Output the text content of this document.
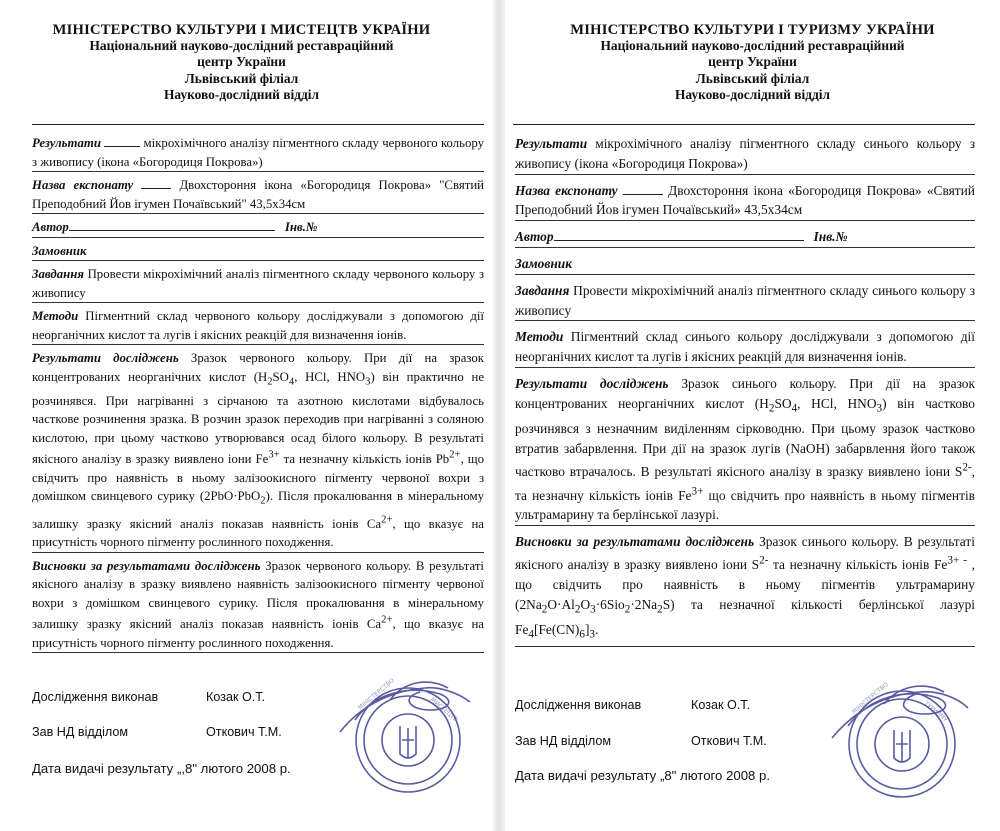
МІНІСТЕРСТВО КУЛЬТУРИ І МИСТЕЦТВ УКРАЇНИ
Національний науково-дослідний реставраційний
центр України
Львівський філіал
Науково-дослідний відділ
Результати	мікрохімічного аналізу пігментного складу червоного кольору з живопису (ікона «Богородиця Покрова»)
Назва експонату	Двохстороння ікона «Богородиця Покрова» "Святий Преподобний Йов ігумен Почаївський" 43,5х34см
Автор	Інв.№
Замовник
Завдання Провести мікрохімічний аналіз пігментного складу червоного кольору з живопису
Методи Пігментний склад червоного кольору досліджували з допомогою дії неорганічних кислот та лугів і якісних реакцій для визначення іонів.
Результати досліджень Зразок червоного кольору. При дії на зразок концентрованих неорганічних кислот ($H_2SO_4$, HCl, $HNO_3$) він практично не розчинявся. При нагріванні з сірчаною та азотною кислотами відбувалось часткове розчинення зразка. В розчин зразок переходив при нагріванні з соляною кислотою, при цьому частково утворювався осад білого кольору. В результаті якісного аналізу в зразку виявлено іони $Fe^{3+}$ та незначну кількість іонів $Pb^{2+}$, що свідчить про наявність в ньому залізоокисного пігменту червоної вохри з домішком свинцевого сурику (2PbO·PbO$_2$). Після прокалювання в мінеральному залишку зразку якісний аналіз показав наявність іонів $Ca^{2+}$, що вказує на присутність чорного пігменту рослинного походження.
Висновки за результатами досліджень Зразок червоного кольору. В результаті якісного аналізу в зразку виявлено наявність залізоокисного пігменту червоної вохри з домішком свинцевого сурику. Після прокалювання в мінеральному залишку зразку якісний аналіз показав наявність іонів $Ca^{2+}$, що вказує на присутність чорного пігменту рослинного походження.
Дослідження виконав	Козак О.Т.
Зав НД відділом	Откович Т.М.
Дата видачі результату „,8" лютого 2008 р.
МІНІСТЕРСТВО	МИСТЕЦТВ
МІНІСТЕРСТВО КУЛЬТУРИ І ТУРИЗМУ УКРАЇНИ
Національний науково-дослідний реставраційний
центр України
Львівський філіал
Науково-дослідний відділ
Результати мікрохімічного аналізу пігментного складу синього кольору з живопису (ікона «Богородиця Покрова»)
Назва експонату	Двохстороння ікона «Богородиця Покрова» «Святий Преподобний Йов ігумен Почаївський» 43,5х34см
Автор	Інв.№
Замовник
Завдання Провести мікрохімічний аналіз пігментного складу синього кольору з живопису
Методи Пігментний склад синього кольору досліджували з допомогою дії неорганічних кислот та лугів і якісних реакцій для визначення іонів.
Результати досліджень Зразок синього кольору. При дії на зразок концентрованих неорганічних кислот ($H_2SO_4$, HCl, $HNO_3$) він частково розчинявся з незначним виділенням сірководню. При цьому зразок частково втратив забарвлення. При дії на зразок лугів (NaOH) забарвлення його також частково втрачалось. В результаті якісного аналізу в зразку виявлено іони $S^{2-}$, та незначну кількість іонів $Fe^{3+}$ що свідчить про наявність в ньому пігментів ультрамарину та берлінської лазурі.
Висновки за результатами досліджень Зразок синього кольору. В результаті якісного аналізу в зразку виявлено іони $S^{2-}$ та незначну кількість іонів $Fe^{3+ -}$ , що свідчить про наявність в ньому пігментів ультрамарину $(2Na_2O\cdot Al_2O_3\cdot 6Sio_2\cdot 2Na_2S)$ та незначної кількості берлінської лазурі $Fe_4[Fe(CN)_6]_3$.
Дослідження виконав	Козак О.Т.
Зав НД відділом	Откович Т.М.
Дата видачі результату „8" лютого 2008 р.
МІНІСТЕРСТВО	ТУРИЗМУ
